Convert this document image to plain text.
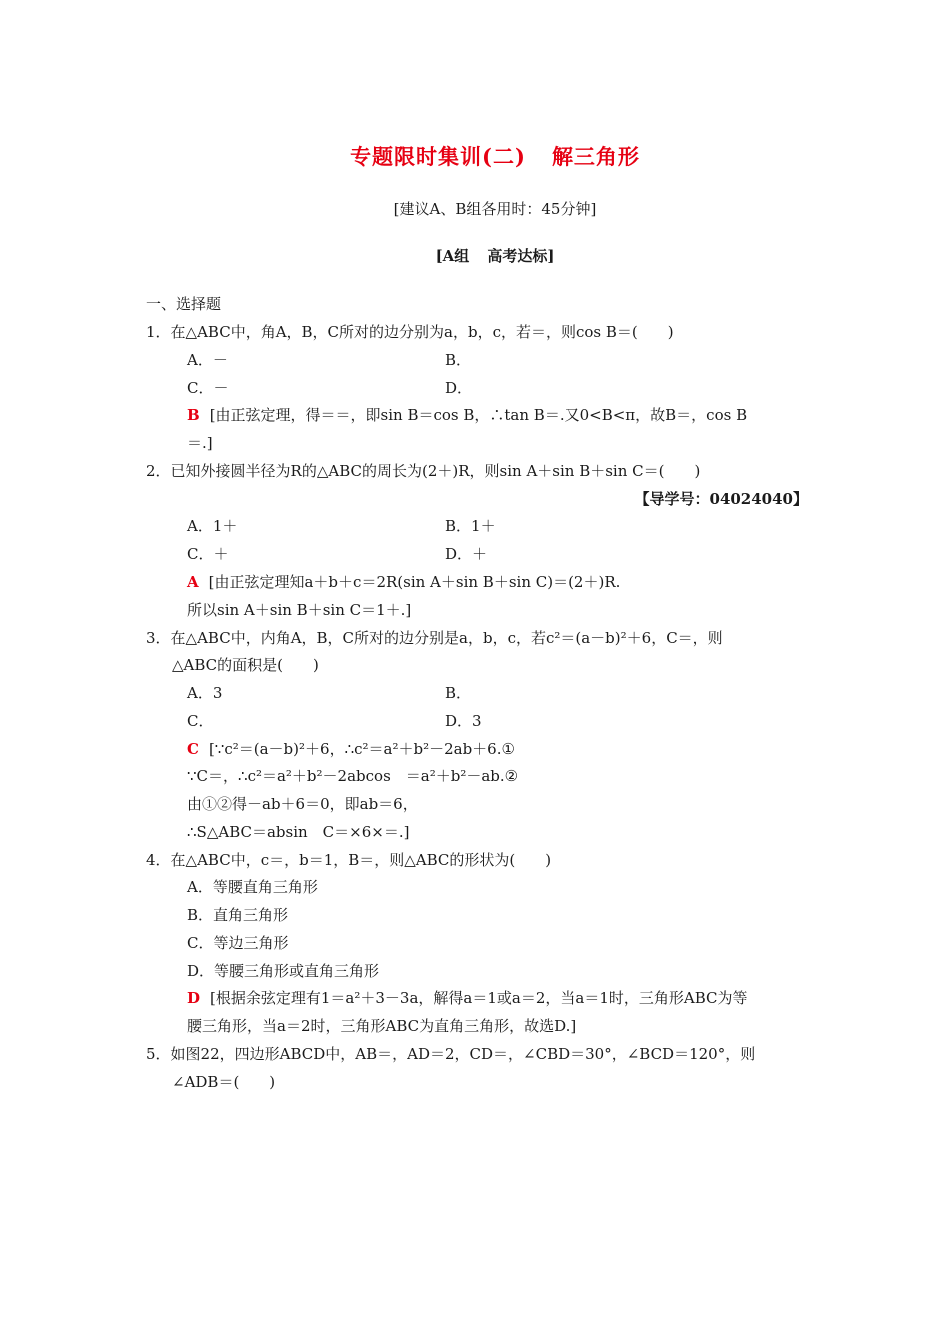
专题限时集训(二) 解三角形
[建议A、B组各用时：45分钟]
[A组 高考达标]
一、选择题
1．在△ABC中，角A，B，C所对的边分别为a，b，c，若＝，则cos B＝(　　)
A．－	B．
C．－	D．
B [由正弦定理，得＝＝，即sin B＝cos B，∴tan B＝.又0<B<π，故B＝，cos B
＝.]
2．已知外接圆半径为R的△ABC的周长为(2＋)R，则sin A＋sin B＋sin C＝(　　)
【导学号：04024040】
A．1＋	B．1＋
C．＋	D．＋
A [由正弦定理知a＋b＋c＝2R(sin A＋sin B＋sin C)＝(2＋)R.
所以sin A＋sin B＋sin C＝1＋.]
3．在△ABC中，内角A，B，C所对的边分别是a，b，c，若c²＝(a－b)²＋6，C＝，则
△ABC的面积是(　　)
A．3	B．
C．	D．3
C [∵c²＝(a－b)²＋6，∴c²＝a²＋b²－2ab＋6.①
∵C＝，∴c²＝a²＋b²－2abcos　＝a²＋b²－ab.②
由①②得－ab＋6＝0，即ab＝6，
∴S△ABC＝absin　C＝×6×＝.]
4．在△ABC中，c＝，b＝1，B＝，则△ABC的形状为(　　)
A．等腰直角三角形
B．直角三角形
C．等边三角形
D．等腰三角形或直角三角形
D [根据余弦定理有1＝a²＋3－3a，解得a＝1或a＝2，当a＝1时，三角形ABC为等
腰三角形，当a＝2时，三角形ABC为直角三角形，故选D.]
5．如图22，四边形ABCD中，AB＝，AD＝2，CD＝，∠CBD＝30°，∠BCD＝120°，则
∠ADB＝(　　)
